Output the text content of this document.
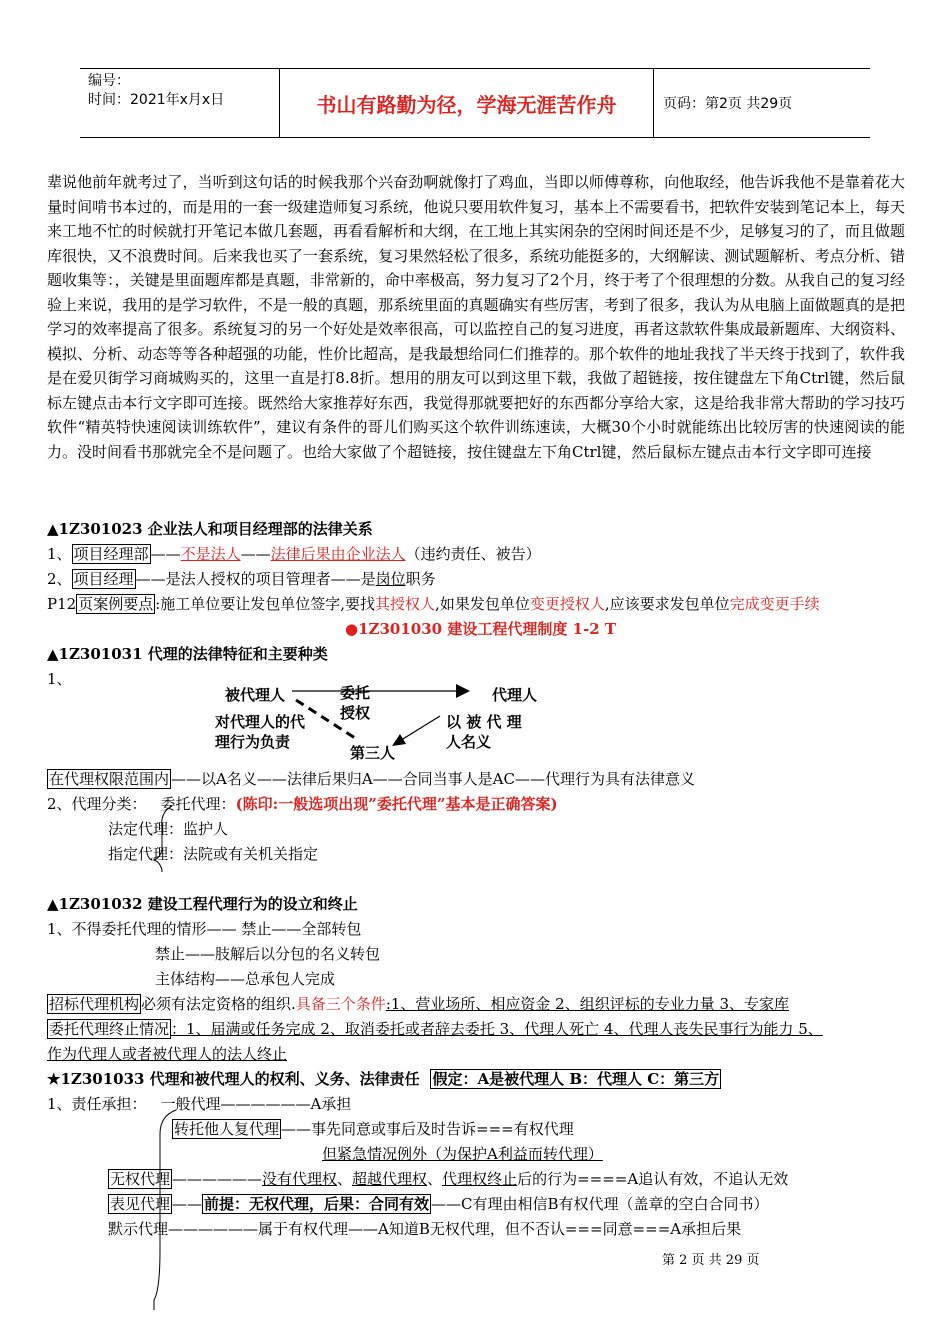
编号：
时间：2021年x月x日	书山有路勤为径，学海无涯苦作舟	页码：第2页 共29页
辈说他前年就考过了，当听到这句话的时候我那个兴奋劲啊就像打了鸡血，当即以师傅尊称，向他取经，他告诉我他不是靠着花大量时间啃书本过的，而是用的一套一级建造师复习系统，他说只要用软件复习，基本上不需要看书，把软件安装到笔记本上，每天来工地不忙的时候就打开笔记本做几套题，再看看解析和大纲，在工地上其实闲杂的空闲时间还是不少，足够复习的了，而且做题库很快，又不浪费时间。后来我也买了一套系统，复习果然轻松了很多，系统功能挺多的，大纲解读、测试题解析、考点分析、错题收集等：，关键是里面题库都是真题，非常新的，命中率极高，努力复习了2个月，终于考了个很理想的分数。从我自己的复习经验上来说，我用的是学习软件，不是一般的真题，那系统里面的真题确实有些厉害，考到了很多，我认为从电脑上面做题真的是把学习的效率提高了很多。系统复习的另一个好处是效率很高，可以监控自己的复习进度，再者这款软件集成最新题库、大纲资料、模拟、分析、动态等等各种超强的功能，性价比超高，是我最想给同仁们推荐的。那个软件的地址我找了半天终于找到了，软件我是在爱贝街学习商城购买的，这里一直是打8.8折。想用的朋友可以到这里下载，我做了超链接，按住键盘左下角Ctrl键，然后鼠标左键点击本行文字即可连接。既然给大家推荐好东西，我觉得那就要把好的东西都分享给大家，这是给我非常大帮助的学习技巧软件“精英特快速阅读训练软件”，建议有条件的哥儿们购买这个软件训练速读，大概30个小时就能练出比较厉害的快速阅读的能力。没时间看书那就完全不是问题了。也给大家做了个超链接，按住键盘左下角Ctrl键，然后鼠标左键点击本行文字即可连接
▲1Z301023 企业法人和项目经理部的法律关系
1、 项目经理部 ——不是法人——法律后果由企业法人（违约责任、被告）
2、 项目经理 ——是法人授权的项目管理者——是岗位职务
P12 页案例要点 :施工单位要让发包单位签字,要找其授权人,如果发包单位变更授权人,应该要求发包单位完成变更手续
●1Z301030 建设工程代理制度 1-2 T
▲1Z301031 代理的法律特征和主要种类
1、
被代理人	委托
授权
代理人
对代理人的代
理行为负责
以 被 代 理
人名义
第三人
在代理权限范围内 ——以A名义——法律后果归A——合同当事人是AC——代理行为具有法律意义
2、代理分类： 委托代理：(陈印:一般选项出现”委托代理”基本是正确答案)
法定代理：监护人
指定代理：法院或有关机关指定
▲1Z301032 建设工程代理行为的设立和终止
1、不得委托代理的情形—— 禁止——全部转包
禁止——肢解后以分包的名义转包
主体结构——总承包人完成
招标代理机构 必须有法定资格的组织.具备三个条件:1、营业场所、相应资金 2、组织评标的专业力量 3、专家库
委托代理终止情况 ：1、届满或任务完成 2、取消委托或者辞去委托 3、代理人死亡 4、代理人丧失民事行为能力 5、
作为代理人或者被代理人的法人终止
★1Z301033 代理和被代理人的权利、义务、法律责任 假定：A是被代理人 B：代理人 C：第三方
1、责任承担： 一般代理——————A承担
转托他人复代理 ——事先同意或事后及时告诉===有权代理
但紧急情况例外（为保护A利益而转代理）
无权代理 ——————没有代理权、超越代理权、代理权终止后的行为====A追认有效，不追认无效
表见代理 —— 前提：无权代理，后果：合同有效 ——C有理由相信B有权代理（盖章的空白合同书）
默示代理——————属于有权代理——A知道B无权代理，但不否认===同意===A承担后果
第 2 页 共 29 页
